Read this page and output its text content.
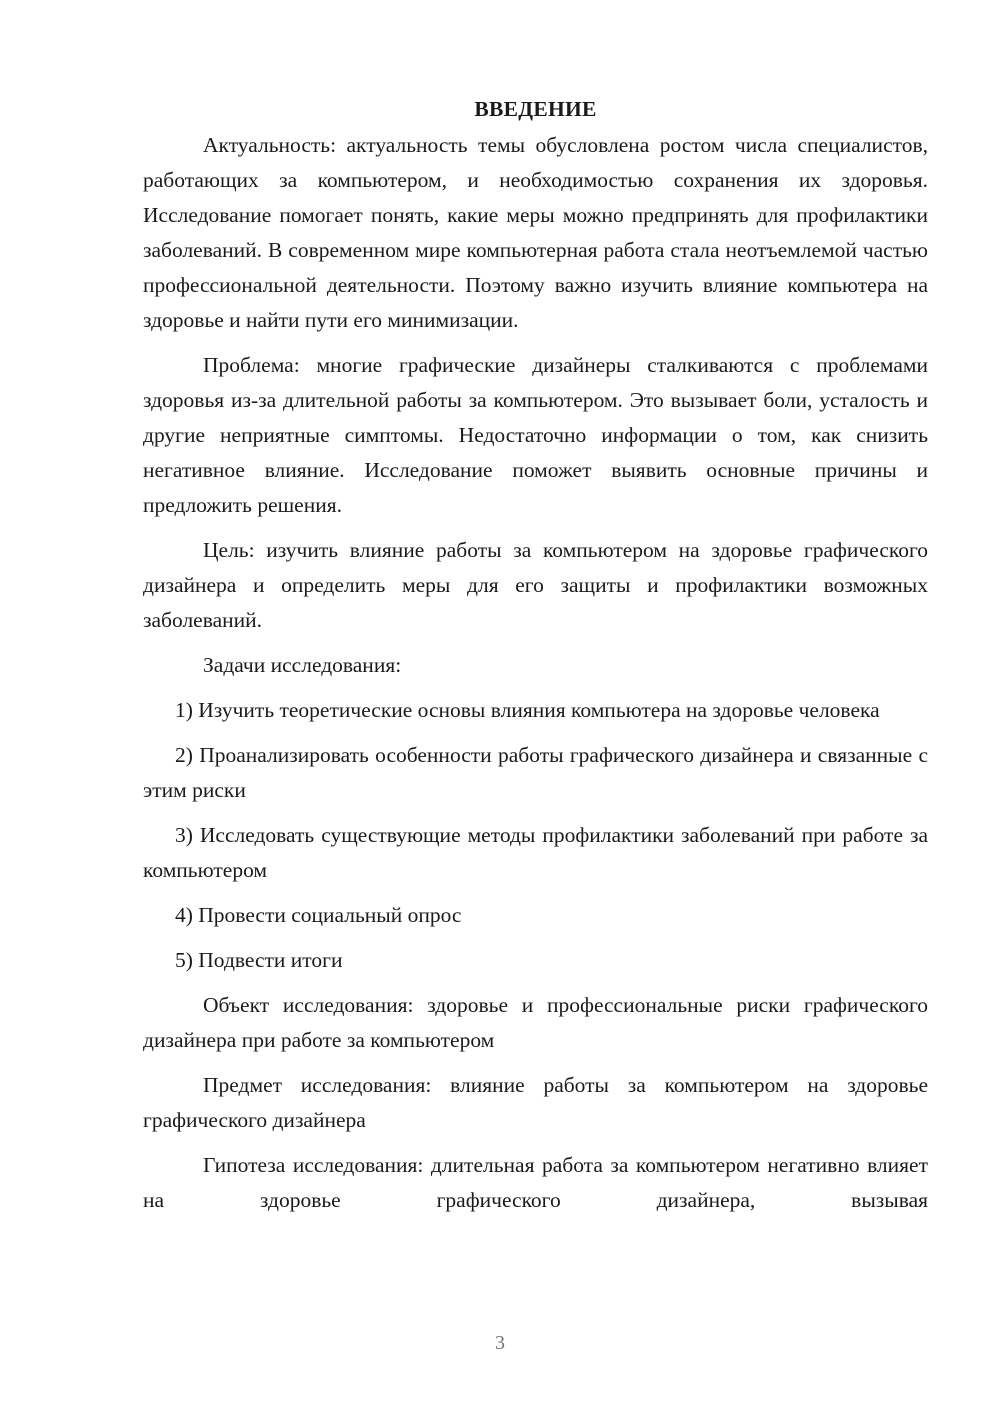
ВВЕДЕНИЕ

Актуальность: актуальность темы обусловлена ростом числа специалистов, работающих за компьютером, и необходимостью сохранения их здоровья. Исследование помогает понять, какие меры можно предпринять для профилактики заболеваний. В современном мире компьютерная работа стала неотъемлемой частью профессиональной деятельности. Поэтому важно изучить влияние компьютера на здоровье и найти пути его минимизации.

Проблема: многие графические дизайнеры сталкиваются с проблемами здоровья из-за длительной работы за компьютером. Это вызывает боли, усталость и другие неприятные симптомы. Недостаточно информации о том, как снизить негативное влияние. Исследование поможет выявить основные причины и предложить решения.

Цель: изучить влияние работы за компьютером на здоровье графического дизайнера и определить меры для его защиты и профилактики возможных заболеваний.

Задачи исследования:

1) Изучить теоретические основы влияния компьютера на здоровье человека

2) Проанализировать особенности работы графического дизайнера и связанные с этим риски

3) Исследовать существующие методы профилактики заболеваний при работе за компьютером

4) Провести социальный опрос

5) Подвести итоги

Объект исследования: здоровье и профессиональные риски графического дизайнера при работе за компьютером

Предмет исследования: влияние работы за компьютером на здоровье графического дизайнера

Гипотеза исследования: длительная работа за компьютером негативно влияет на здоровье графического дизайнера, вызывая

3
